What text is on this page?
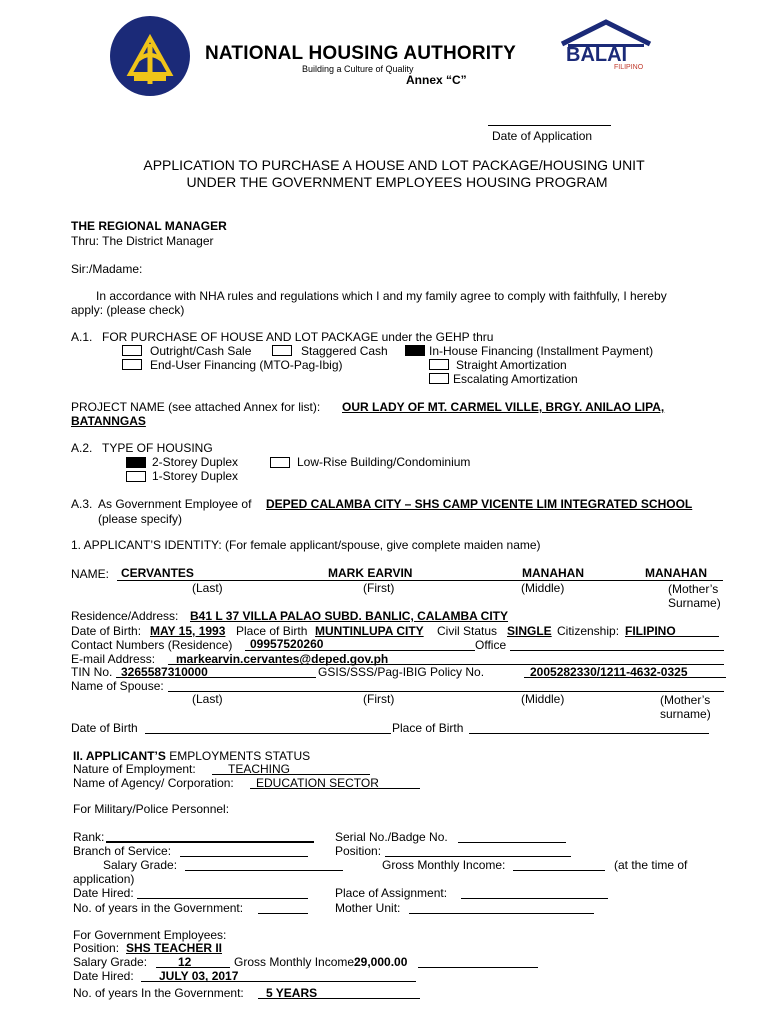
NATIONAL HOUSING AUTHORITY
Building a Culture of Quality
Annex “C”
BALAI
FILIPINO
Date of Application
APPLICATION TO PURCHASE A HOUSE AND LOT PACKAGE/HOUSING UNIT
UNDER THE GOVERNMENT EMPLOYEES HOUSING PROGRAM
THE REGIONAL MANAGER
Thru: The District Manager
Sir:/Madame:
In accordance with NHA rules and regulations which I and my family agree to comply with faithfully, I hereby
apply: (please check)
A.1. FOR PURCHASE OF HOUSE AND LOT PACKAGE under the GEHP thru
Outright/Cash Sale	Staggered Cash	In-House Financing (Installment Payment)
End-User Financing (MTO-Pag-Ibig)	Straight Amortization
Escalating Amortization
PROJECT NAME (see attached Annex for list): OUR LADY OF MT. CARMEL VILLE, BRGY. ANILAO LIPA,
BATANNGAS
A.2. TYPE OF HOUSING
2-Storey Duplex	Low-Rise Building/Condominium
1-Storey Duplex
A.3. As Government Employee of DEPED CALAMBA CITY – SHS CAMP VICENTE LIM INTEGRATED SCHOOL
(please specify)
1. APPLICANT’S IDENTITY: (For female applicant/spouse, give complete maiden name)
NAME: CERVANTES	MARK EARVIN	MANAHAN	MANAHAN
(Last)	(First)	(Middle)	(Mother’s
Surname)
Residence/Address: B41 L 37 VILLA PALAO SUBD. BANLIC, CALAMBA CITY
Date of Birth: MAY 15, 1993 Place of Birth MUNTINLUPA CITY Civil Status SINGLE Citizenship: FILIPINO
Contact Numbers (Residence) 09957520260	Office
E-mail Address: markearvin.cervantes@deped.gov.ph
TIN No. 3265587310000	GSIS/SSS/Pag-IBIG Policy No.	2005282330/1211-4632-0325
Name of Spouse:
(Last)	(First)	(Middle)	(Mother’s
surname)
Date of Birth	Place of Birth
II. APPLICANT’S EMPLOYMENTS STATUS
Nature of Employment:	TEACHING
Name of Agency/ Corporation: EDUCATION SECTOR
For Military/Police Personnel:
Rank:	Serial No./Badge No.
Branch of Service:	Position:
Salary Grade:	Gross Monthly Income:	(at the time of
application)
Date Hired:	Place of Assignment:
No. of years in the Government:	Mother Unit:
For Government Employees:
Position: SHS TEACHER II
Salary Grade:	12	Gross Monthly Income:
29,000.00
Date Hired: JULY 03, 2017
No. of years In the Government: 5 YEARS
